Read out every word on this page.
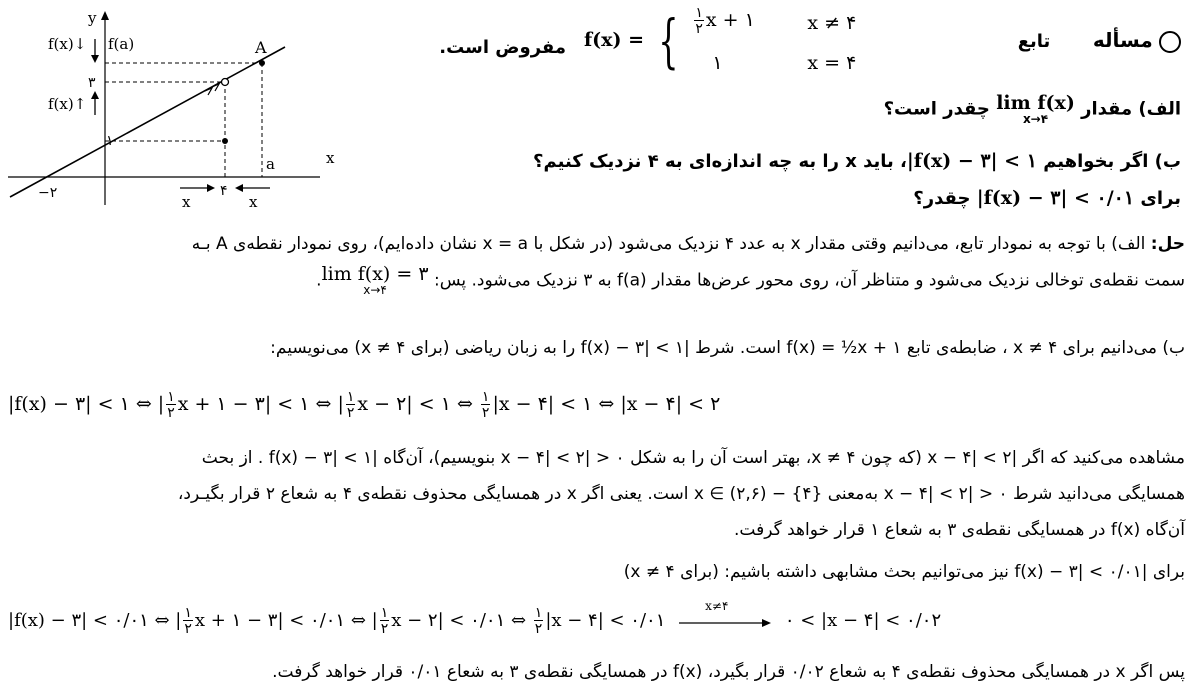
y
x
f(x)↓ f(a)
f(x)↑
۳
۱
−۲	۴
A
a
x	x
مسأله  تابع
f(x) = { $\frac{۱}{۲}$ x + ۱	x ≠ ۴
۱	x = ۴
مفروض است.
الف) مقدار
lim f(x)
x→۴
چقدر است؟
ب) اگر بخواهیم |f(x) − ۳| < ۱، باید x را به چه اندازه‌ای به ۴ نزدیک کنیم؟
برای |f(x) − ۳| < ۰/۰۱ چقدر؟
حل: الف) با توجه به نمودار تابع، می‌دانیم وقتی مقدار x به عدد ۴ نزدیک می‌شود (در شکل با x = a نشان داده‌ایم)، روی نمودار نقطه‌ی A بـه
سمت نقطه‌ی توخالی نزدیک می‌شود و متناظر آن، روی محور عرض‌ها مقدار f(a) به ۳ نزدیک می‌شود. پس:
lim f(x) = ۳
x→۴
.
ب) می‌دانیم برای x ≠ ۴ ، ضابطه‌ی تابع f(x) = ½x + ۱ است. شرط |f(x) − ۳| < ۱ را به زبان ریاضی (برای x ≠ ۴) می‌نویسیم:
|f(x) − ۳| < ۱ ⇔ | $\frac{۱}{۲}$ x + ۱ − ۳| < ۱ ⇔ | $\frac{۱}{۲}$ x − ۲| < ۱ ⇔ $\frac{۱}{۲} |x$ − ۴| < ۱ ⇔ |x − ۴| < ۲
مشاهده می‌کنید که اگر |x − ۴| < ۲ (که چون x ≠ ۴، بهتر است آن را به شکل ۰ < |x − ۴| < ۲ بنویسیم)، آن‌گاه |f(x) − ۳| < ۱ . از بحث
همسایگی می‌دانید شرط ۰ < |x − ۴| < ۲ به‌معنی x ∈ (۲,۶) − {۴} است. یعنی اگر x در همسایگی محذوف نقطه‌ی ۴ به شعاع ۲ قرار بگیـرد،
آن‌گاه f(x) در همسایگی نقطه‌ی ۳ به شعاع ۱ قرار خواهد گرفت.
برای |f(x) − ۳| < ۰/۰۱ نیز می‌توانیم بحث مشابهی داشته باشیم: (برای x ≠ ۴)
|f(x) − ۳| < ۰/۰۱ ⇔ | $\frac{۱}{۲}$ x + ۱ − ۳| < ۰/۰۱ ⇔ | $\frac{۱}{۲}$ x − ۲| < ۰/۰۱ ⇔ $\frac{۱}{۲} |x$ − ۴| < ۰/۰۱
x≠۴
۰ < |x − ۴| < ۰/۰۲
پس اگر x در همسایگی محذوف نقطه‌ی ۴ به شعاع ۰/۰۲ قرار بگیرد، f(x) در همسایگی نقطه‌ی ۳ به شعاع ۰/۰۱ قرار خواهد گرفت.
